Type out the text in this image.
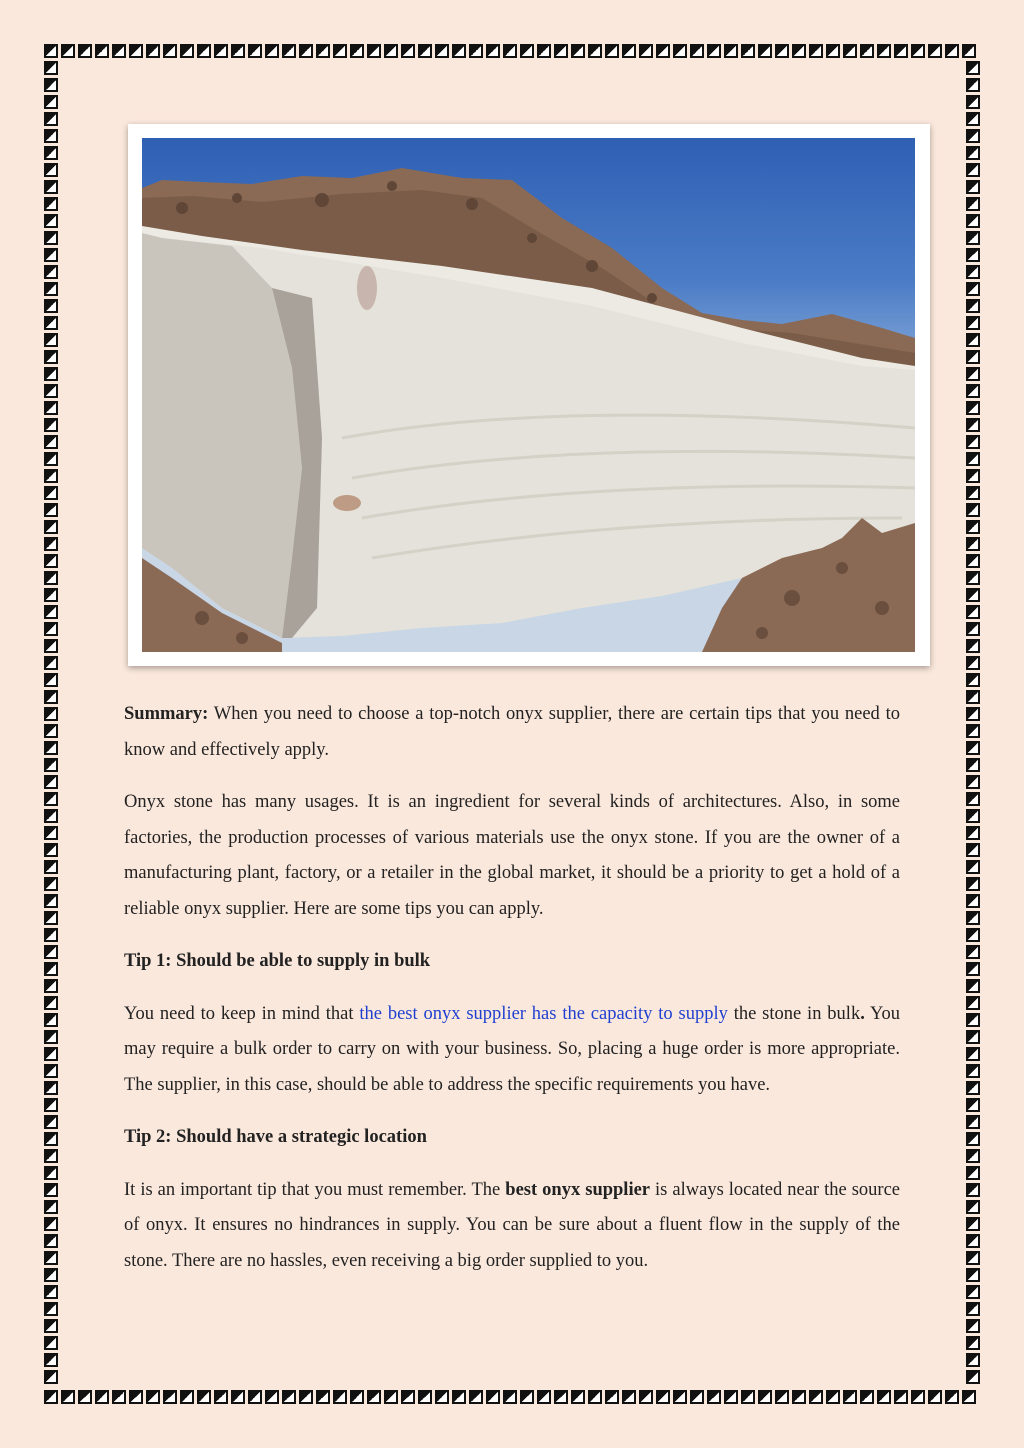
Summary: When you need to choose a top-notch onyx supplier, there are certain tips that you need to know and effectively apply.

Onyx stone has many usages. It is an ingredient for several kinds of architectures. Also, in some factories, the production processes of various materials use the onyx stone. If you are the owner of a manufacturing plant, factory, or a retailer in the global market, it should be a priority to get a hold of a reliable onyx supplier. Here are some tips you can apply.

Tip 1: Should be able to supply in bulk

You need to keep in mind that the best onyx supplier has the capacity to supply the stone in bulk. You may require a bulk order to carry on with your business. So, placing a huge order is more appropriate. The supplier, in this case, should be able to address the specific requirements you have.

Tip 2: Should have a strategic location

It is an important tip that you must remember. The best onyx supplier is always located near the source of onyx. It ensures no hindrances in supply. You can be sure about a fluent flow in the supply of the stone. There are no hassles, even receiving a big order supplied to you.
